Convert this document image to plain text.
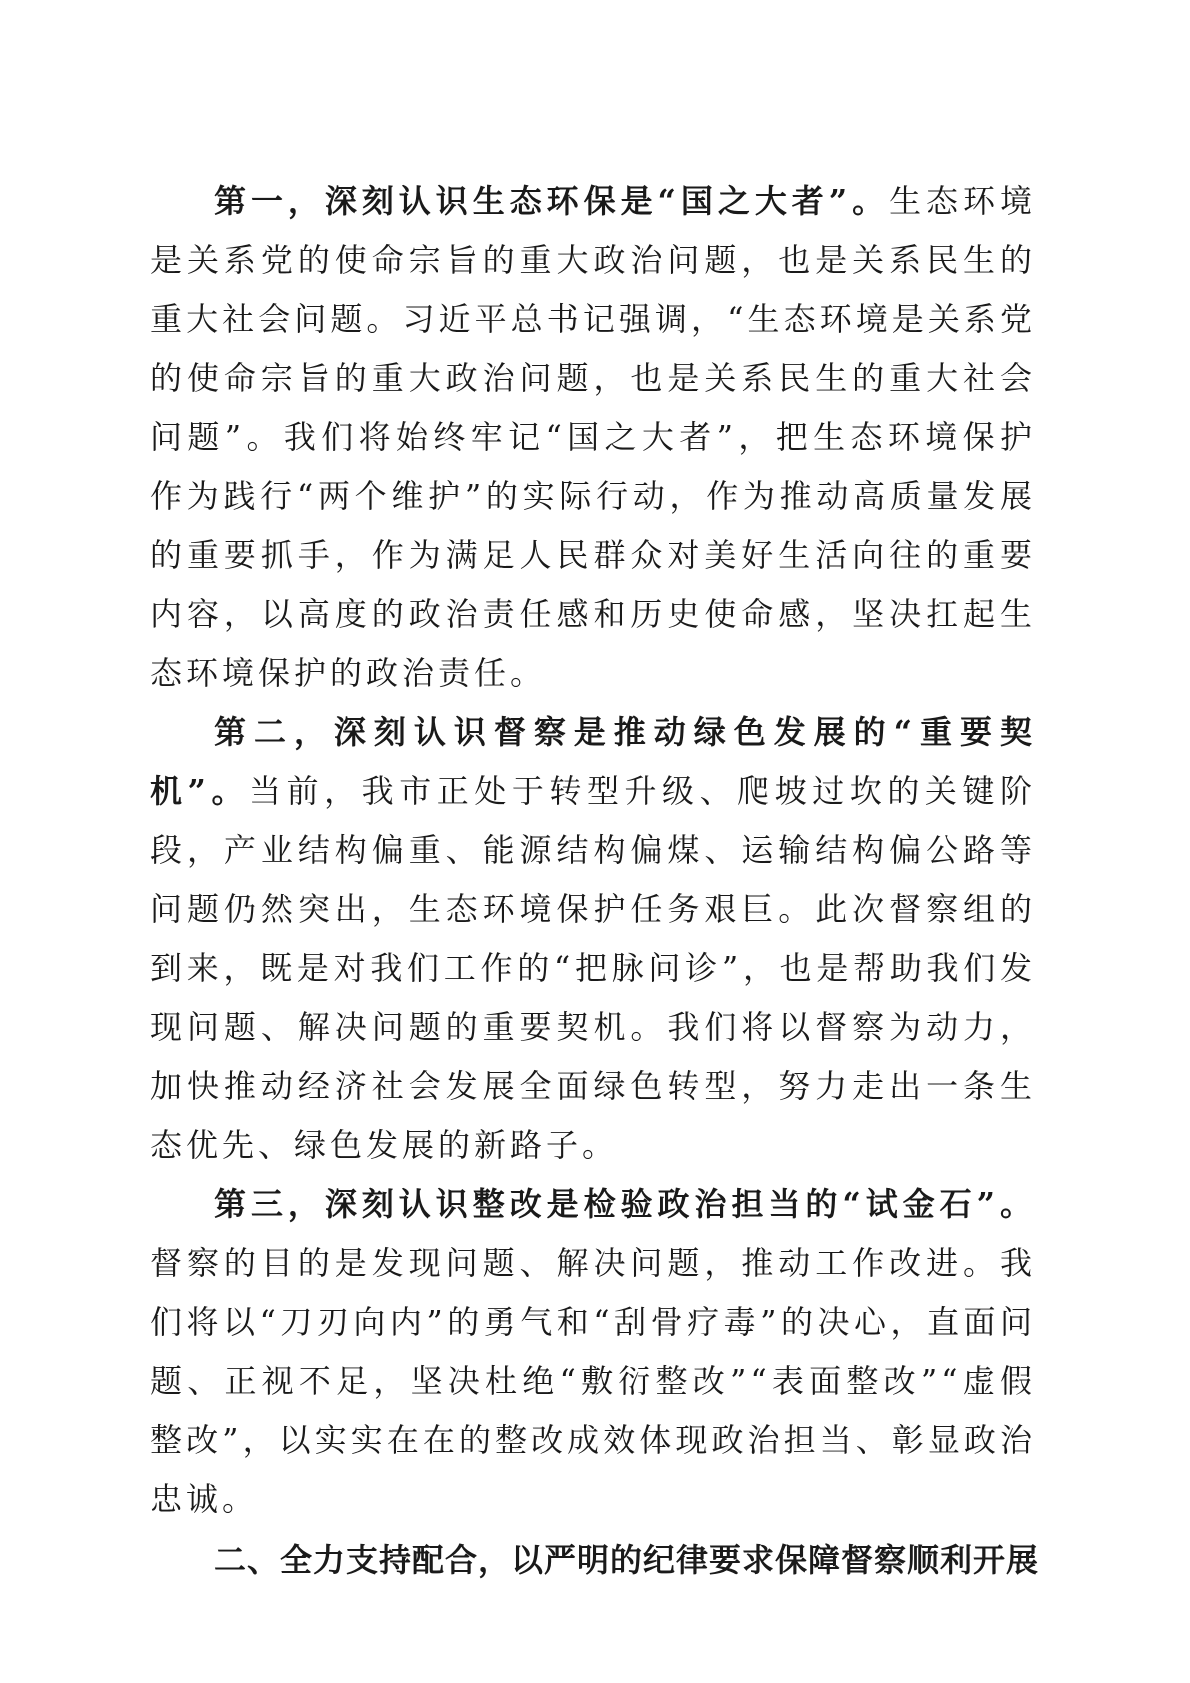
第一，深刻认识生态环保是“国之大者”。生态环境是关系党的使命宗旨的重大政治问题，也是关系民生的重大社会问题。习近平总书记强调，“生态环境是关系党的使命宗旨的重大政治问题，也是关系民生的重大社会问题”。我们将始终牢记“国之大者”，把生态环境保护作为践行“两个维护”的实际行动，作为推动高质量发展的重要抓手，作为满足人民群众对美好生活向往的重要内容，以高度的政治责任感和历史使命感，坚决扛起生态环境保护的政治责任。

第二，深刻认识督察是推动绿色发展的“重要契机”。当前，我市正处于转型升级、爬坡过坎的关键阶段，产业结构偏重、能源结构偏煤、运输结构偏公路等问题仍然突出，生态环境保护任务艰巨。此次督察组的到来，既是对我们工作的“把脉问诊”，也是帮助我们发现问题、解决问题的重要契机。我们将以督察为动力，加快推动经济社会发展全面绿色转型，努力走出一条生态优先、绿色发展的新路子。

第三，深刻认识整改是检验政治担当的“试金石”。督察的目的是发现问题、解决问题，推动工作改进。我们将以“刀刃向内”的勇气和“刮骨疗毒”的决心，直面问题、正视不足，坚决杜绝“敷衍整改”“表面整改”“虚假整改”，以实实在在的整改成效体现政治担当、彰显政治忠诚。

二、全力支持配合，以严明的纪律要求保障督察顺利开展
